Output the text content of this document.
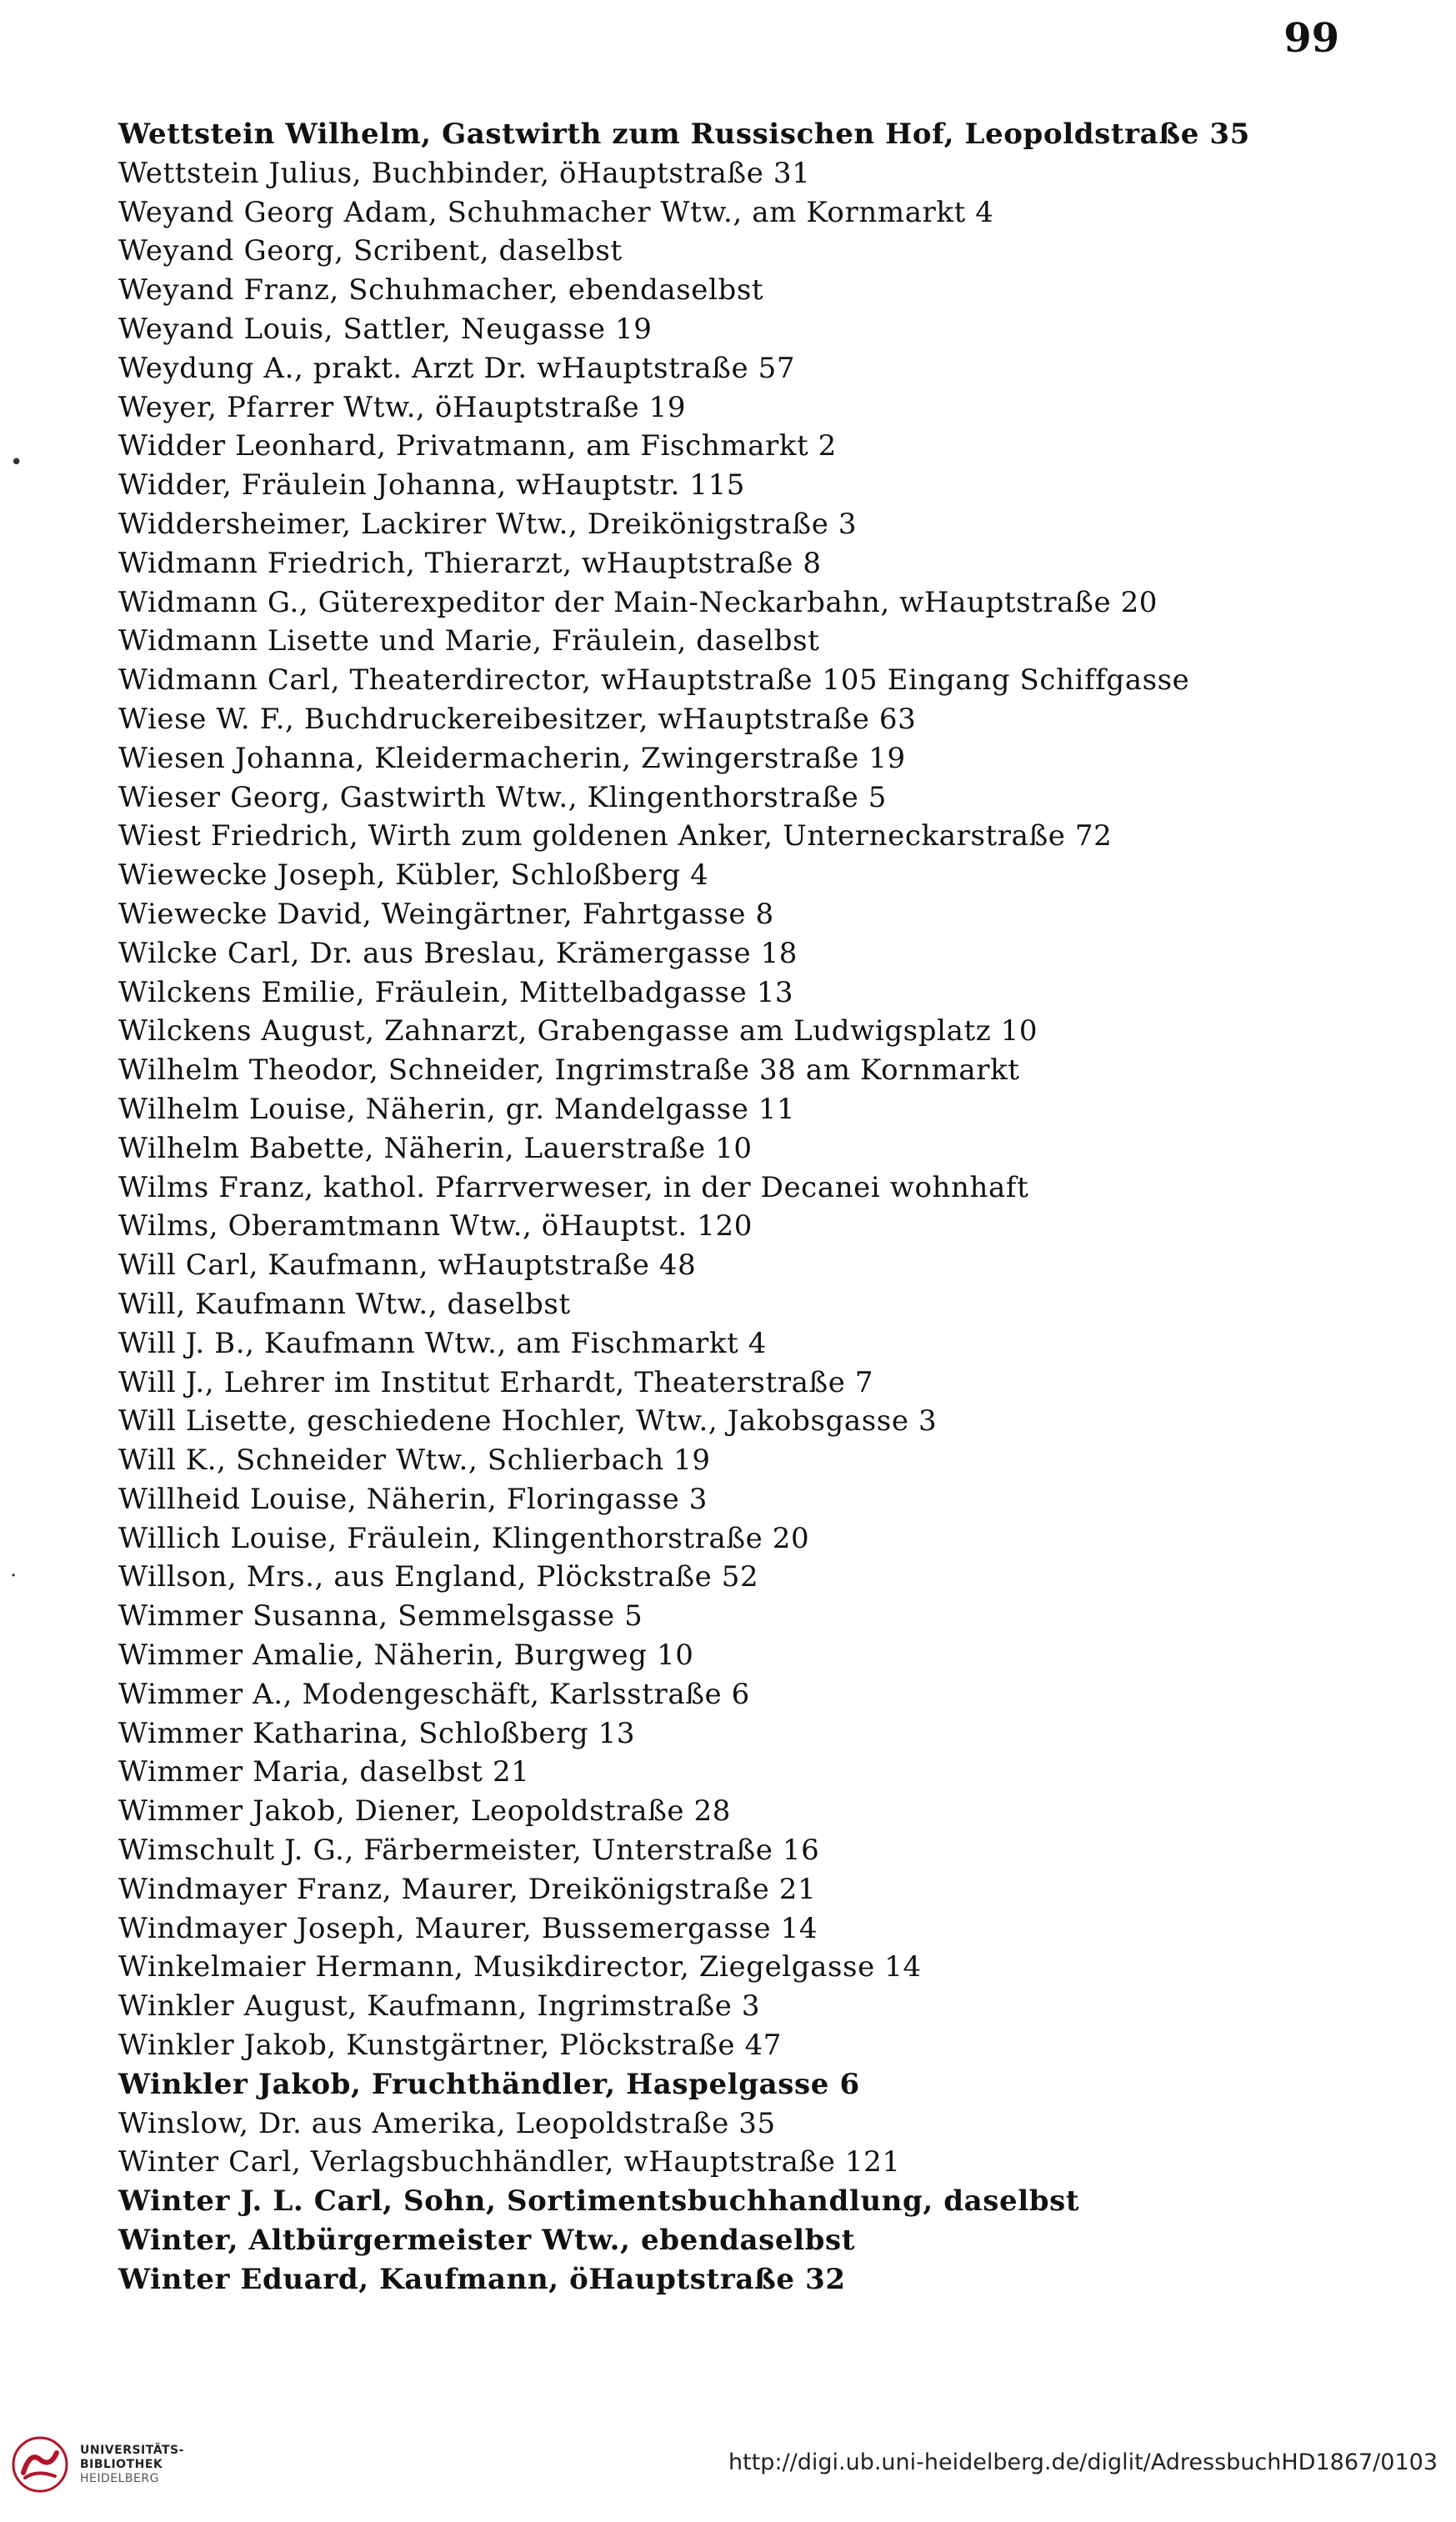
99
•
·
Wettstein Wilhelm, Gastwirth zum Russischen Hof, Leopoldstraße 35
Wettstein Julius, Buchbinder, öHauptstraße 31
Weyand Georg Adam, Schuhmacher Wtw., am Kornmarkt 4
Weyand Georg, Scribent, daselbst
Weyand Franz, Schuhmacher, ebendaselbst
Weyand Louis, Sattler, Neugasse 19
Weydung A., prakt. Arzt Dr. wHauptstraße 57
Weyer, Pfarrer Wtw., öHauptstraße 19
Widder Leonhard, Privatmann, am Fischmarkt 2
Widder, Fräulein Johanna, wHauptstr. 115
Widdersheimer, Lackirer Wtw., Dreikönigstraße 3
Widmann Friedrich, Thierarzt, wHauptstraße 8
Widmann G., Güterexpeditor der Main-Neckarbahn, wHauptstraße 20
Widmann Lisette und Marie, Fräulein, daselbst
Widmann Carl, Theaterdirector, wHauptstraße 105 Eingang Schiffgasse
Wiese W. F., Buchdruckereibesitzer, wHauptstraße 63
Wiesen Johanna, Kleidermacherin, Zwingerstraße 19
Wieser Georg, Gastwirth Wtw., Klingenthorstraße 5
Wiest Friedrich, Wirth zum goldenen Anker, Unterneckarstraße 72
Wiewecke Joseph, Kübler, Schloßberg 4
Wiewecke David, Weingärtner, Fahrtgasse 8
Wilcke Carl, Dr. aus Breslau, Krämergasse 18
Wilckens Emilie, Fräulein, Mittelbadgasse 13
Wilckens August, Zahnarzt, Grabengasse am Ludwigsplatz 10
Wilhelm Theodor, Schneider, Ingrimstraße 38 am Kornmarkt
Wilhelm Louise, Näherin, gr. Mandelgasse 11
Wilhelm Babette, Näherin, Lauerstraße 10
Wilms Franz, kathol. Pfarrverweser, in der Decanei wohnhaft
Wilms, Oberamtmann Wtw., öHauptst. 120
Will Carl, Kaufmann, wHauptstraße 48
Will, Kaufmann Wtw., daselbst
Will J. B., Kaufmann Wtw., am Fischmarkt 4
Will J., Lehrer im Institut Erhardt, Theaterstraße 7
Will Lisette, geschiedene Hochler, Wtw., Jakobsgasse 3
Will K., Schneider Wtw., Schlierbach 19
Willheid Louise, Näherin, Floringasse 3
Willich Louise, Fräulein, Klingenthorstraße 20
Willson, Mrs., aus England, Plöckstraße 52
Wimmer Susanna, Semmelsgasse 5
Wimmer Amalie, Näherin, Burgweg 10
Wimmer A., Modengeschäft, Karlsstraße 6
Wimmer Katharina, Schloßberg 13
Wimmer Maria, daselbst 21
Wimmer Jakob, Diener, Leopoldstraße 28
Wimschult J. G., Färbermeister, Unterstraße 16
Windmayer Franz, Maurer, Dreikönigstraße 21
Windmayer Joseph, Maurer, Bussemergasse 14
Winkelmaier Hermann, Musikdirector, Ziegelgasse 14
Winkler August, Kaufmann, Ingrimstraße 3
Winkler Jakob, Kunstgärtner, Plöckstraße 47
Winkler Jakob, Fruchthändler, Haspelgasse 6
Winslow, Dr. aus Amerika, Leopoldstraße 35
Winter Carl, Verlagsbuchhändler, wHauptstraße 121
Winter J. L. Carl, Sohn, Sortimentsbuchhandlung, daselbst
Winter, Altbürgermeister Wtw., ebendaselbst
Winter Eduard, Kaufmann, öHauptstraße 32
UNIVERSITÄTS-
BIBLIOTHEK
HEIDELBERG
http://digi.ub.uni-heidelberg.de/diglit/AdressbuchHD1867/0103
